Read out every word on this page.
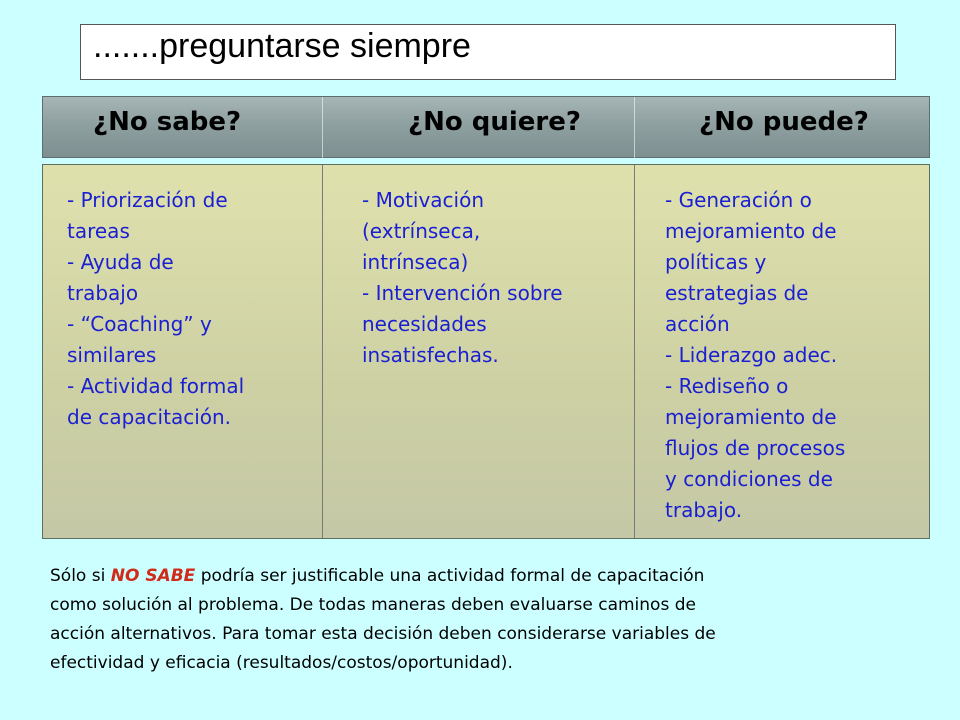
.......preguntarse siempre
¿No sabe?	¿No quiere?	¿No puede?
- Priorización de
tareas
- Ayuda de
trabajo
- “Coaching” y
similares
- Actividad formal
de capacitación.
- Motivación
(extrínseca,
intrínseca)
- Intervención sobre
necesidades
insatisfechas.
- Generación o
mejoramiento de
políticas y
estrategias de
acción
- Liderazgo adec.
- Rediseño o
mejoramiento de
flujos de procesos
y condiciones de
trabajo.
Sólo si NO SABE podría ser justificable una actividad formal de capacitación
como solución al problema. De todas maneras deben evaluarse caminos de
acción alternativos. Para tomar esta decisión deben considerarse variables de
efectividad y eficacia (resultados/costos/oportunidad).
